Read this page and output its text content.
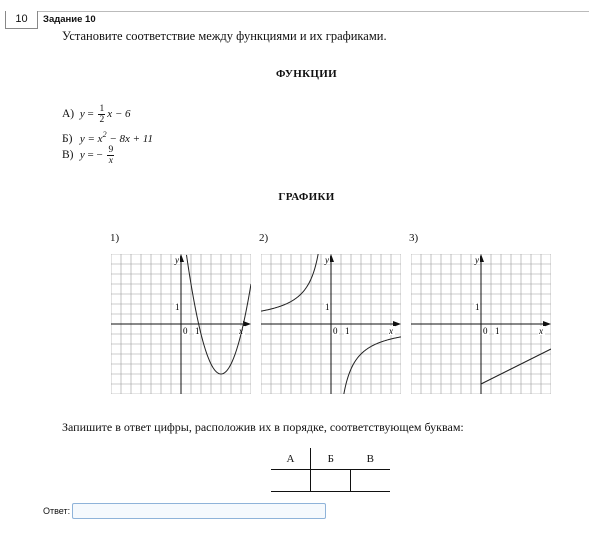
10	Задание 10
Установите соответствие между функциями и их графиками.
ФУНКЦИИ
А) $y = \frac{1}{2}$ x − 6
Б) $y = x^2 - 8x + 11$
В) y = − $\frac{9}{x}$
ГРАФИКИ
1)	2)	3)
y
x
0 1
1
y
x
0 1
1
y
x
0 1
1
Запишите в ответ цифры, расположив их в порядке, соответствующем буквам:
А	Б	В

Ответ:
